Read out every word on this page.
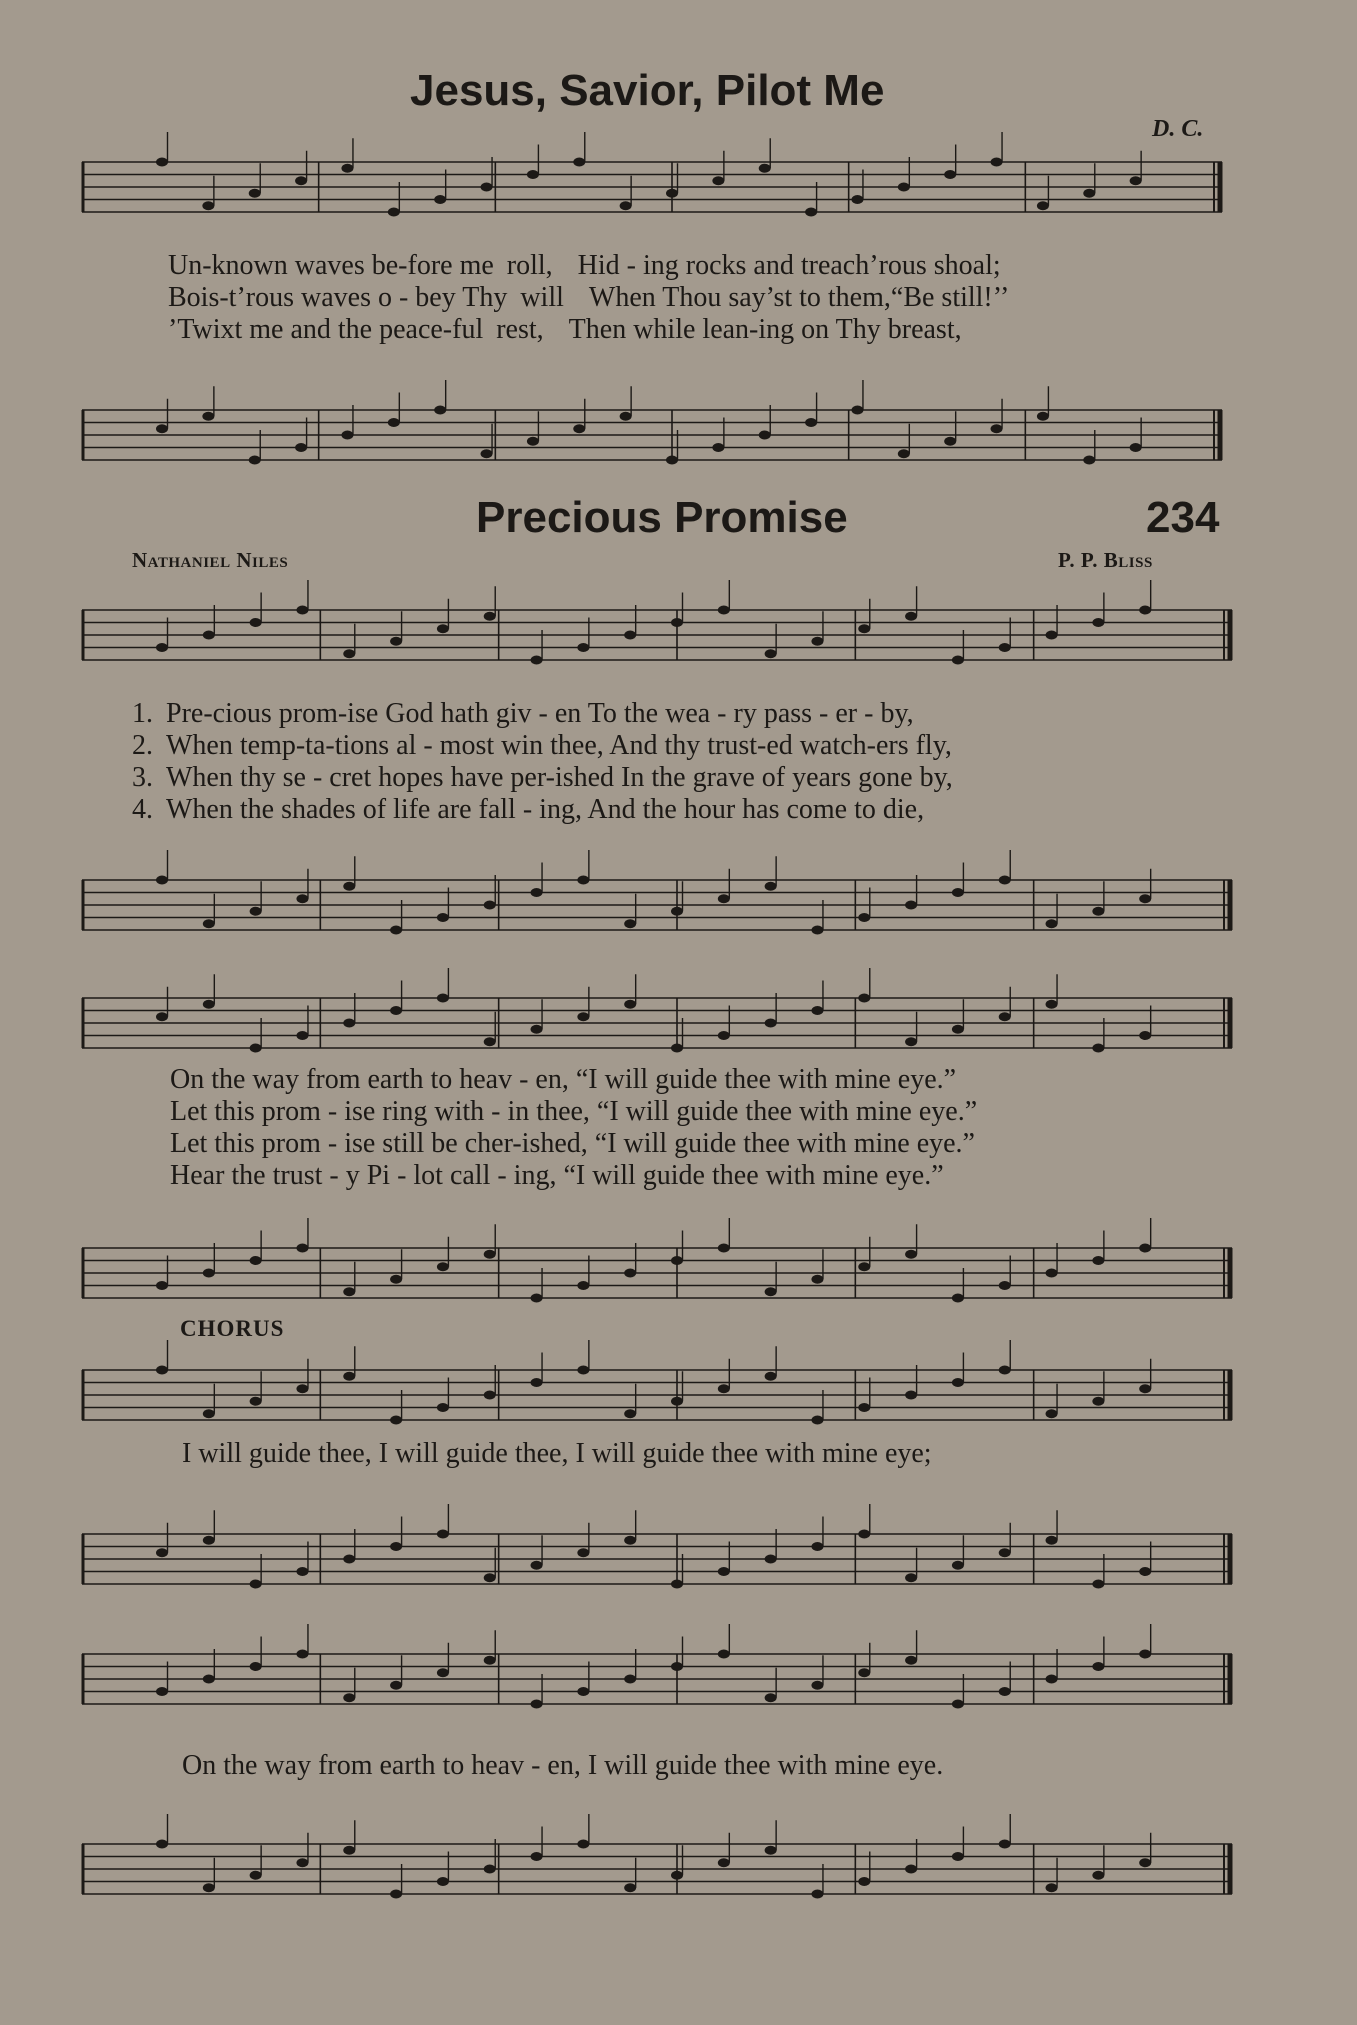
Jesus, Savior, Pilot Me
D. C.
Un-known waves be-fore me roll, Hid - ing rocks and treach’rous shoal;
Bois-t’rous waves o - bey Thy will When Thou say’st to them,“Be still!’’
’Twixt me and the peace-ful rest, Then while lean-ing on Thy breast,
Precious Promise	234
Nathaniel Niles	P. P. Bliss
1. Pre-cious prom-ise God hath giv - en To the wea - ry pass - er - by,
2. When temp-ta-tions al - most win thee, And thy trust-ed watch-ers fly,
3. When thy se - cret hopes have per-ished In the grave of years gone by,
4. When the shades of life are fall - ing, And the hour has come to die,
On the way from earth to heav - en, “I will guide thee with mine eye.”
Let this prom - ise ring with - in thee, “I will guide thee with mine eye.”
Let this prom - ise still be cher-ished, “I will guide thee with mine eye.”
Hear the trust - y Pi - lot call - ing, “I will guide thee with mine eye.”
CHORUS
I will guide thee, I will guide thee, I will guide thee with mine eye;
On the way from earth to heav - en, I will guide thee with mine eye.
